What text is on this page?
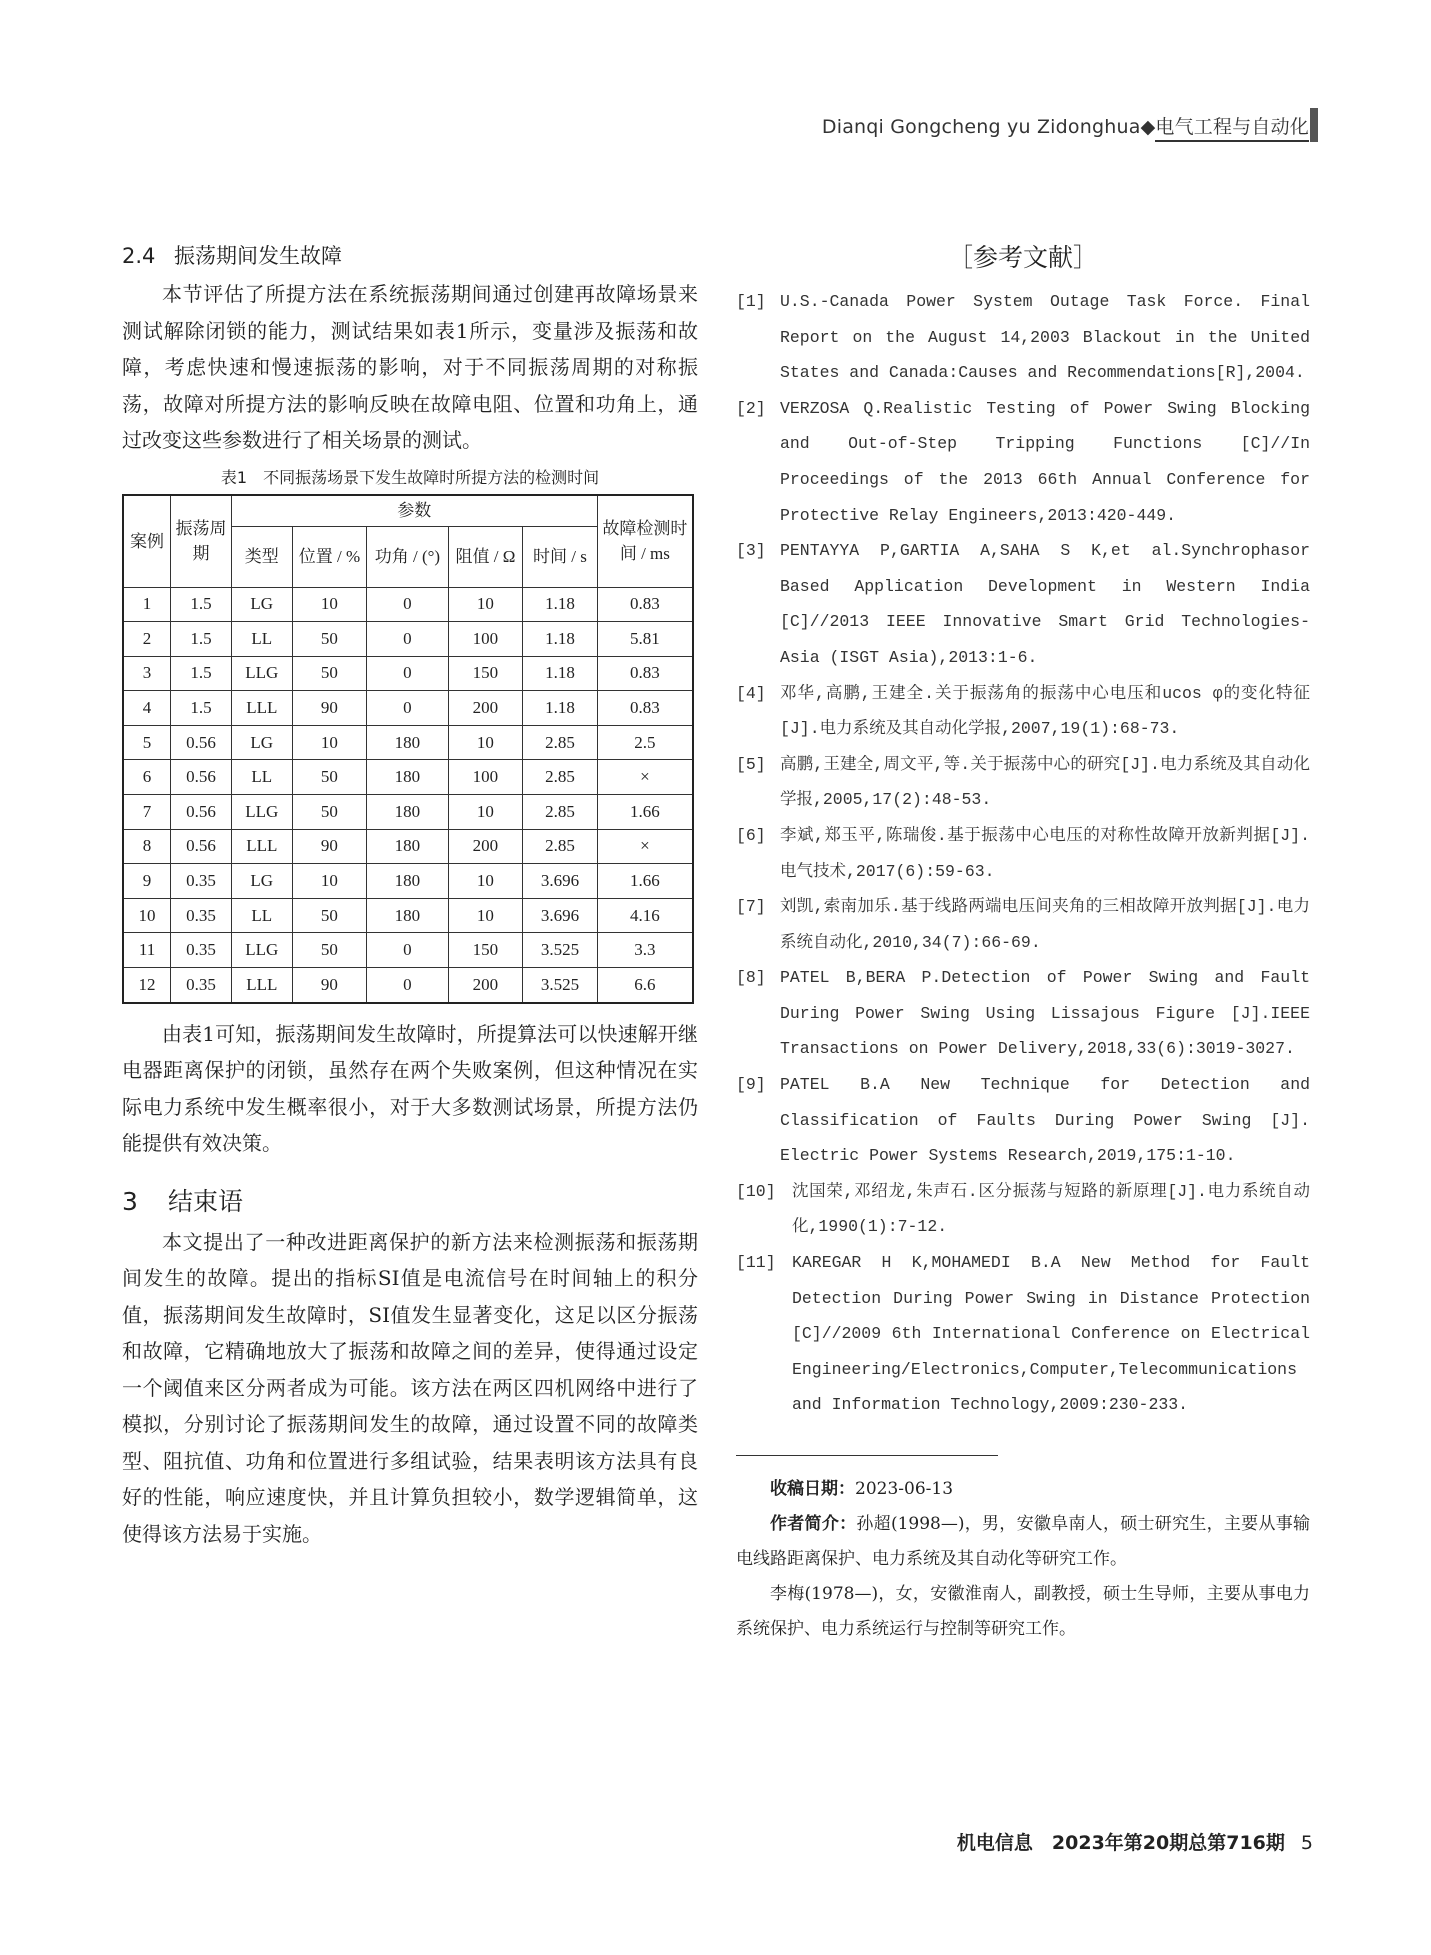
Dianqi Gongcheng yu Zidonghua◆电气工程与自动化
2.4 振荡期间发生故障

本节评估了所提方法在系统振荡期间通过创建再故障场景来测试解除闭锁的能力，测试结果如表1所示，变量涉及振荡和故障，考虑快速和慢速振荡的影响，对于不同振荡周期的对称振荡，故障对所提方法的影响反映在故障电阻、位置和功角上，通过改变这些参数进行了相关场景的测试。

表1　不同振荡场景下发生故障时所提方法的检测时间
案例	振荡周期	参数					故障检测时间 / ms
		类型	位置 / %	功角 / (°)	阻值 / Ω	时间 / s	
1	1.5	LG	10	0	10	1.18	0.83
2	1.5	LL	50	0	100	1.18	5.81
3	1.5	LLG	50	0	150	1.18	0.83
4	1.5	LLL	90	0	200	1.18	0.83
5	0.56	LG	10	180	10	2.85	2.5
6	0.56	LL	50	180	100	2.85	×
7	0.56	LLG	50	180	10	2.85	1.66
8	0.56	LLL	90	180	200	2.85	×
9	0.35	LG	10	180	10	3.696	1.66
10	0.35	LL	50	180	10	3.696	4.16
11	0.35	LLG	50	0	150	3.525	3.3
12	0.35	LLL	90	0	200	3.525	6.6

由表1可知，振荡期间发生故障时，所提算法可以快速解开继电器距离保护的闭锁，虽然存在两个失败案例，但这种情况在实际电力系统中发生概率很小，对于大多数测试场景，所提方法仍能提供有效决策。

3 结束语

本文提出了一种改进距离保护的新方法来检测振荡和振荡期间发生的故障。提出的指标SI值是电流信号在时间轴上的积分值，振荡期间发生故障时，SI值发生显著变化，这足以区分振荡和故障，它精确地放大了振荡和故障之间的差异，使得通过设定一个阈值来区分两者成为可能。该方法在两区四机网络中进行了模拟，分别讨论了振荡期间发生的故障，通过设置不同的故障类型、阻抗值、功角和位置进行多组试验，结果表明该方法具有良好的性能，响应速度快，并且计算负担较小，数学逻辑简单，这使得该方法易于实施。

［参考文献］
[1] U.S.-Canada Power System Outage Task Force. Final Report on the August 14,2003 Blackout in the United States and Canada:Causes and Recommendations[R],2004.
[2] VERZOSA Q.Realistic Testing of Power Swing Blocking and Out-of-Step Tripping Functions [C]//In Proceedings of the 2013 66th Annual Conference for Protective Relay Engineers,2013:420-449.
[3] PENTAYYA P,GARTIA A,SAHA S K,et al.Synchrophasor Based Application Development in Western India [C]//2013 IEEE Innovative Smart Grid Technologies-Asia (ISGT Asia),2013:1-6.
[4] 邓华,高鹏,王建全.关于振荡角的振荡中心电压和ucos φ的变化特征[J].电力系统及其自动化学报,2007,19(1):68-73.
[5] 高鹏,王建全,周文平,等.关于振荡中心的研究[J].电力系统及其自动化学报,2005,17(2):48-53.
[6] 李斌,郑玉平,陈瑞俊.基于振荡中心电压的对称性故障开放新判据[J].电气技术,2017(6):59-63.
[7] 刘凯,索南加乐.基于线路两端电压间夹角的三相故障开放判据[J].电力系统自动化,2010,34(7):66-69.
[8] PATEL B,BERA P.Detection of Power Swing and Fault During Power Swing Using Lissajous Figure [J].IEEE Transactions on Power Delivery,2018,33(6):3019-3027.
[9] PATEL B.A New Technique for Detection and Classification of Faults During Power Swing [J]. Electric Power Systems Research,2019,175:1-10.
[10] 沈国荣,邓绍龙,朱声石.区分振荡与短路的新原理[J].电力系统自动化,1990(1):7-12.
[11] KAREGAR H K,MOHAMEDI B.A New Method for Fault Detection During Power Swing in Distance Protection [C]//2009 6th International Conference on Electrical Engineering/Electronics,Computer,Telecommunications and Information Technology,2009:230-233.

收稿日期：2023-06-13

作者简介：孙超(1998—)，男，安徽阜南人，硕士研究生，主要从事输电线路距离保护、电力系统及其自动化等研究工作。

李梅(1978—)，女，安徽淮南人，副教授，硕士生导师，主要从事电力系统保护、电力系统运行与控制等研究工作。

机电信息　2023年第20期总第716期 5
